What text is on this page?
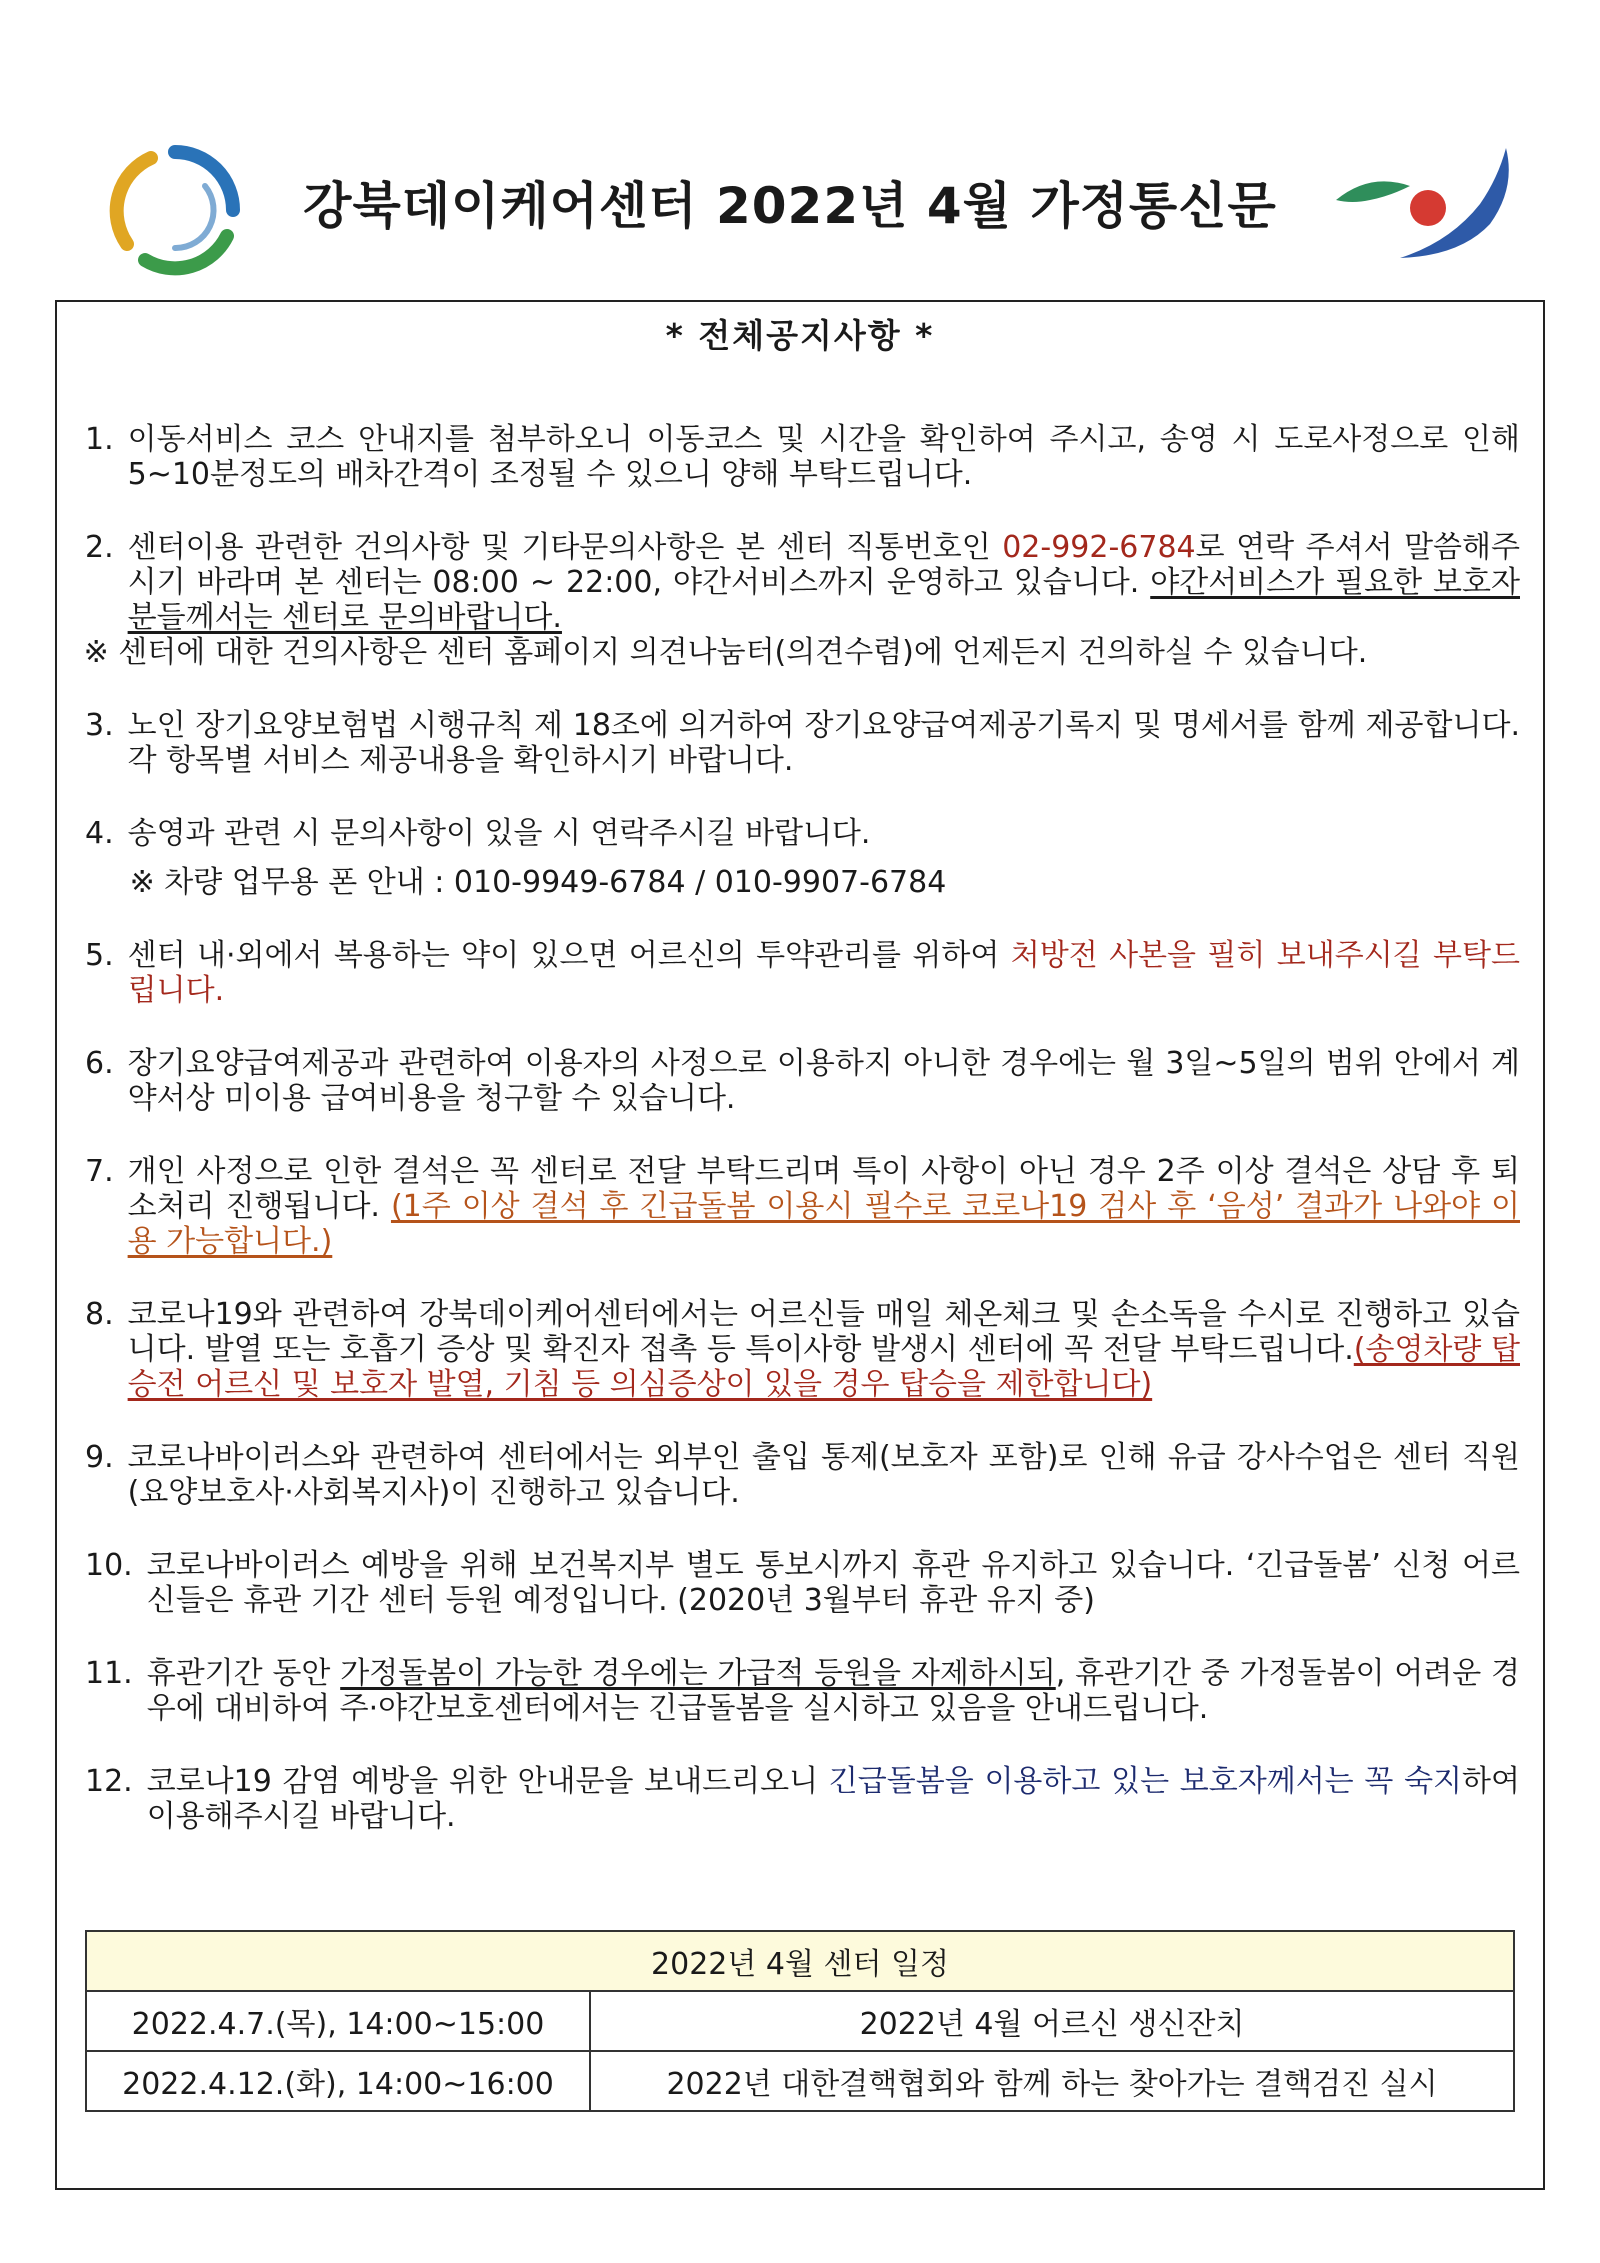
강북데이케어센터 2022년 4월 가정통신문
* 전체공지사항 *
1. 이동서비스 코스 안내지를 첨부하오니 이동코스 및 시간을 확인하여 주시고, 송영 시 도로사정으로 인해 5~10분정도의 배차간격이 조정될 수 있으니 양해 부탁드립니다.
2. 센터이용 관련한 건의사항 및 기타문의사항은 본 센터 직통번호인 02-992-6784로 연락 주셔서 말씀해주시기 바라며 본 센터는 08:00 ~ 22:00, 야간서비스까지 운영하고 있습니다. 야간서비스가 필요한 보호자분들께서는 센터로 문의바랍니다.
※ 센터에 대한 건의사항은 센터 홈페이지 의견나눔터(의견수렴)에 언제든지 건의하실 수 있습니다.
3. 노인 장기요양보험법 시행규칙 제 18조에 의거하여 장기요양급여제공기록지 및 명세서를 함께 제공합니다. 각 항목별 서비스 제공내용을 확인하시기 바랍니다.
4. 송영과 관련 시 문의사항이 있을 시 연락주시길 바랍니다.
※ 차량 업무용 폰 안내 : 010-9949-6784 / 010-9907-6784
5. 센터 내·외에서 복용하는 약이 있으면 어르신의 투약관리를 위하여 처방전 사본을 필히 보내주시길 부탁드립니다.
6. 장기요양급여제공과 관련하여 이용자의 사정으로 이용하지 아니한 경우에는 월 3일~5일의 범위 안에서 계약서상 미이용 급여비용을 청구할 수 있습니다.
7. 개인 사정으로 인한 결석은 꼭 센터로 전달 부탁드리며 특이 사항이 아닌 경우 2주 이상 결석은 상담 후 퇴소처리 진행됩니다. (1주 이상 결석 후 긴급돌봄 이용시 필수로 코로나19 검사 후 ‘음성’ 결과가 나와야 이용 가능합니다.)
8. 코로나19와 관련하여 강북데이케어센터에서는 어르신들 매일 체온체크 및 손소독을 수시로 진행하고 있습니다. 발열 또는 호흡기 증상 및 확진자 접촉 등 특이사항 발생시 센터에 꼭 전달 부탁드립니다.(송영차량 탑승전 어르신 및 보호자 발열, 기침 등 의심증상이 있을 경우 탑승을 제한합니다)
9. 코로나바이러스와 관련하여 센터에서는 외부인 출입 통제(보호자 포함)로 인해 유급 강사수업은 센터 직원(요양보호사·사회복지사)이 진행하고 있습니다.
10. 코로나바이러스 예방을 위해 보건복지부 별도 통보시까지 휴관 유지하고 있습니다. ‘긴급돌봄’ 신청 어르신들은 휴관 기간 센터 등원 예정입니다. (2020년 3월부터 휴관 유지 중)
11. 휴관기간 동안 가정돌봄이 가능한 경우에는 가급적 등원을 자제하시되, 휴관기간 중 가정돌봄이 어려운 경우에 대비하여 주·야간보호센터에서는 긴급돌봄을 실시하고 있음을 안내드립니다.
12. 코로나19 감염 예방을 위한 안내문을 보내드리오니 긴급돌봄을 이용하고 있는 보호자께서는 꼭 숙지하여 이용해주시길 바랍니다.
2022년 4월 센터 일정	
2022.4.7.(목), 14:00~15:00	2022년 4월 어르신 생신잔치
2022.4.12.(화), 14:00~16:00	2022년 대한결핵협회와 함께 하는 찾아가는 결핵검진 실시
